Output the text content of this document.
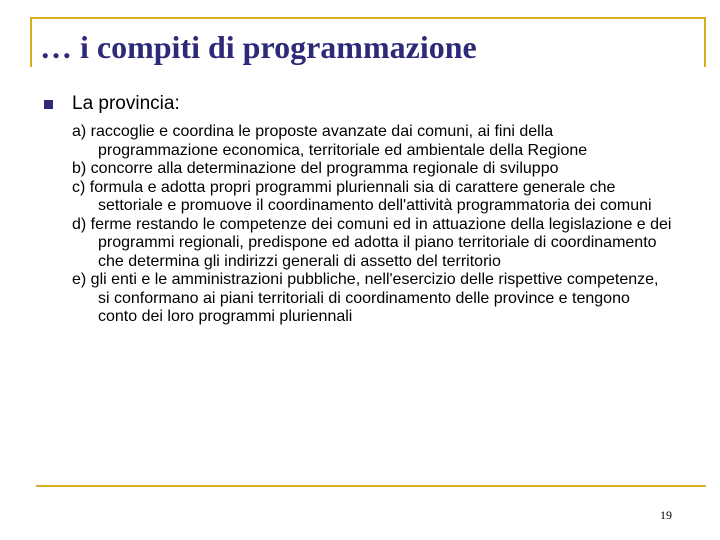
… i compiti di programmazione

La provincia:

a) raccoglie e coordina le proposte avanzate dai comuni, ai fini della programmazione economica, territoriale ed ambientale della Regione
b) concorre alla determinazione del programma regionale di sviluppo
c) formula e adotta propri programmi pluriennali sia di carattere generale che settoriale e promuove il coordinamento dell'attività programmatoria dei comuni
d) ferme restando le competenze dei comuni ed in attuazione della legislazione e dei programmi regionali, predispone ed adotta il piano territoriale di coordinamento che determina gli indirizzi generali di assetto del territorio
e) gli enti e le amministrazioni pubbliche, nell'esercizio delle rispettive competenze, si conformano ai piani territoriali di coordinamento delle province e tengono conto dei loro programmi pluriennali
19
